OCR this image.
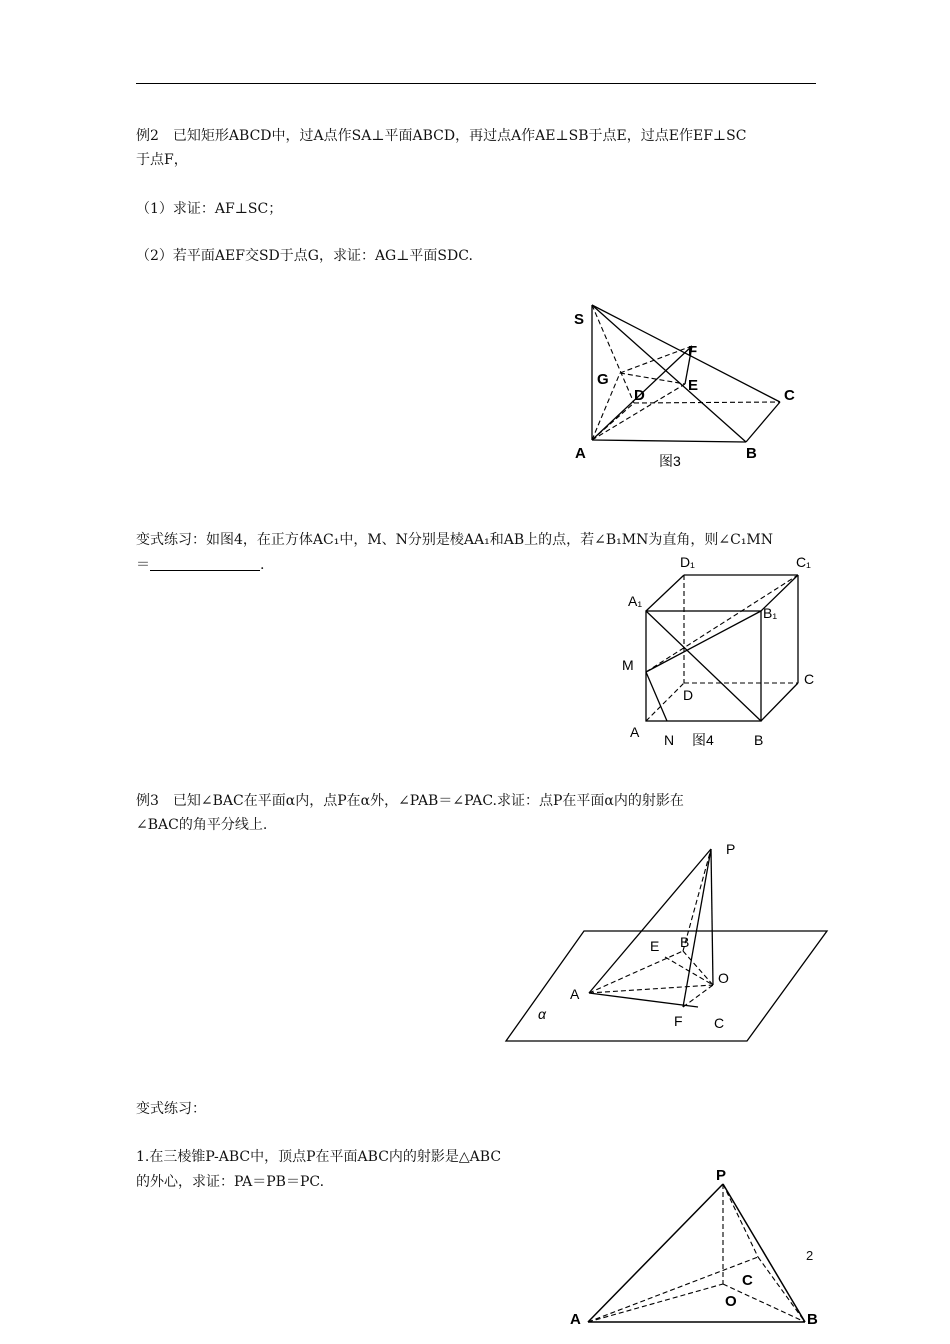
例2　已知矩形ABCD中，过A点作SA⊥平面ABCD，再过点A作AE⊥SB于点E，过点E作EF⊥SC
于点F，
（1）求证：AF⊥SC；
（2）若平面AEF交SD于点G，求证：AG⊥平面SDC.
S
F
G
D
E
C
A	B
图3
变式练习：如图4，在正方体AC₁中，M、N分别是棱AA₁和AB上的点，若∠B₁MN为直角，则∠C₁MN
＝	.	D₁	C₁
A₁
B₁
M
C
D
A N 图4	B
例3　已知∠BAC在平面α内，点P在α外，∠PAB＝∠PAC.求证：点P在平面α内的射影在
∠BAC的角平分线上.
P
E B
O
A
α	F C
变式练习：
1.在三棱锥P-ABC中，顶点P在平面ABC内的射影是△ABC
的外心，求证：PA＝PB＝PC.	P
C
O
A	B
2
